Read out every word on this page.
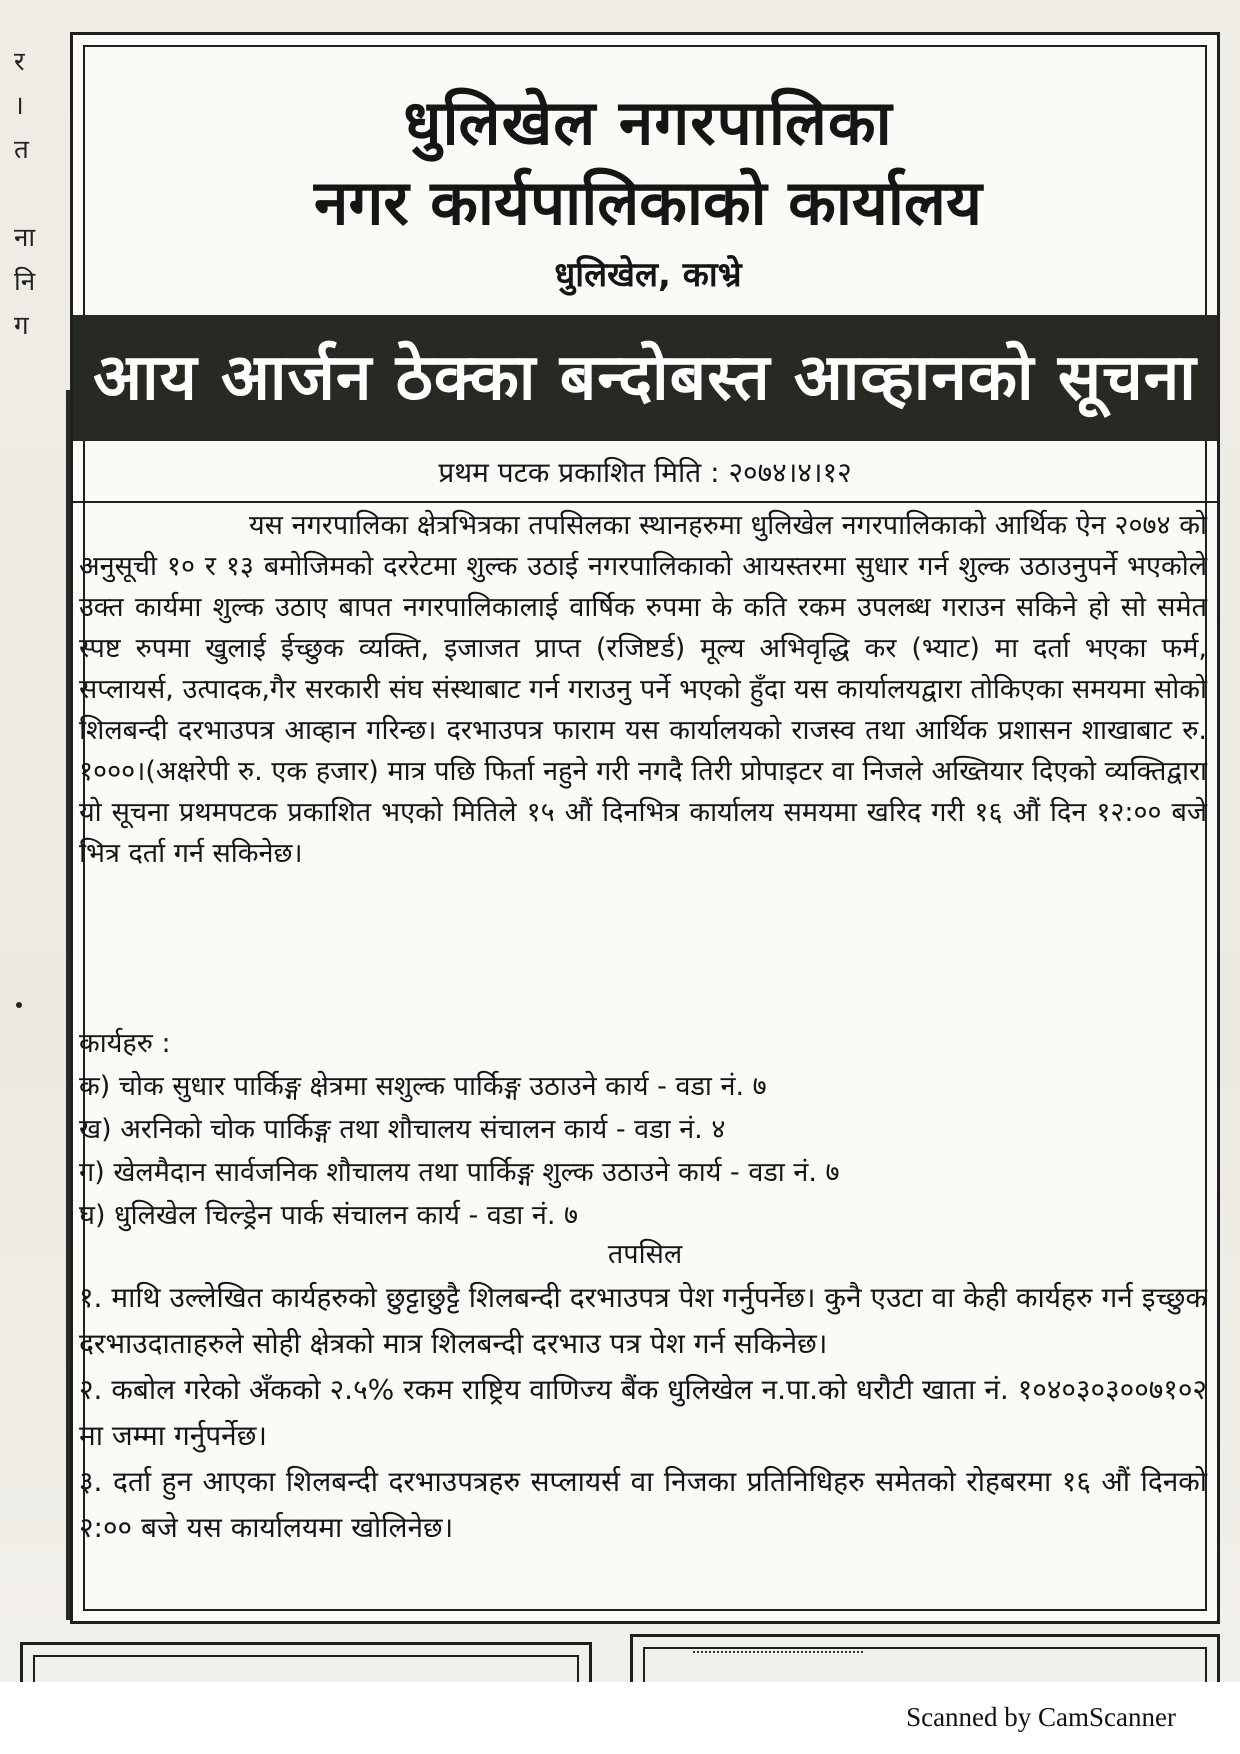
र
।
त

ना
नि
ग
धुलिखेल नगरपालिका
नगर कार्यपालिकाको कार्यालय
धुलिखेल, काभ्रे
आय आर्जन ठेक्का बन्दोबस्त आव्हानको सूचना
प्रथम पटक प्रकाशित मिति : २०७४।४।१२
यस नगरपालिका क्षेत्रभित्रका तपसिलका स्थानहरुमा धुलिखेल नगरपालिकाको आर्थिक ऐन २०७४ को अनुसूची १० र १३ बमोजिमको दररेटमा शुल्क उठाई नगरपालिकाको आयस्तरमा सुधार गर्न शुल्क उठाउनुपर्ने भएकोले उक्त कार्यमा शुल्क उठाए बापत नगरपालिकालाई वार्षिक रुपमा के कति रकम उपलब्ध गराउन सकिने हो सो समेत स्पष्ट रुपमा खुलाई ईच्छुक व्यक्ति, इजाजत प्राप्त (रजिष्टर्ड) मूल्य अभिवृद्धि कर (भ्याट) मा दर्ता भएका फर्म, सप्लायर्स, उत्पादक,गैर सरकारी संघ संस्थाबाट गर्न गराउनु पर्ने भएको हुँदा यस कार्यालयद्वारा तोकिएका समयमा सोको शिलबन्दी दरभाउपत्र आव्हान गरिन्छ। दरभाउपत्र फाराम यस कार्यालयको राजस्व तथा आर्थिक प्रशासन शाखाबाट रु. १०००।(अक्षरेपी रु. एक हजार) मात्र पछि फिर्ता नहुने गरी नगदै तिरी प्रोपाइटर वा निजले अख्तियार दिएको व्यक्तिद्वारा यो सूचना प्रथमपटक प्रकाशित भएको मितिले १५ औं दिनभित्र कार्यालय समयमा खरिद गरी १६ औं दिन १२:०० बजे भित्र दर्ता गर्न सकिनेछ।
कार्यहरु :
क) चोक सुधार पार्किङ्ग क्षेत्रमा सशुल्क पार्किङ्ग उठाउने कार्य - वडा नं. ७
ख) अरनिको चोक पार्किङ्ग तथा शौचालय संचालन कार्य - वडा नं. ४
ग) खेलमैदान सार्वजनिक शौचालय तथा पार्किङ्ग शुल्क उठाउने कार्य - वडा नं. ७
घ) धुलिखेल चिल्ड्रेन पार्क संचालन कार्य - वडा नं. ७
तपसिल

१. माथि उल्लेखित कार्यहरुको छुट्टाछुट्टै शिलबन्दी दरभाउपत्र पेश गर्नुपर्नेछ। कुनै एउटा वा केही कार्यहरु गर्न इच्छुक दरभाउदाताहरुले सोही क्षेत्रको मात्र शिलबन्दी दरभाउ पत्र पेश गर्न सकिनेछ।

२. कबोल गरेको अँकको २.५% रकम राष्ट्रिय वाणिज्य बैंक धुलिखेल न.पा.को धरौटी खाता नं. १०४०३०३००७१०२ मा जम्मा गर्नुपर्नेछ।

३. दर्ता हुन आएका शिलबन्दी दरभाउपत्रहरु सप्लायर्स वा निजका प्रतिनिधिहरु समेतको रोहबरमा १६ औं दिनको २:०० बजे यस कार्यालयमा खोलिनेछ।

Scanned by CamScanner
